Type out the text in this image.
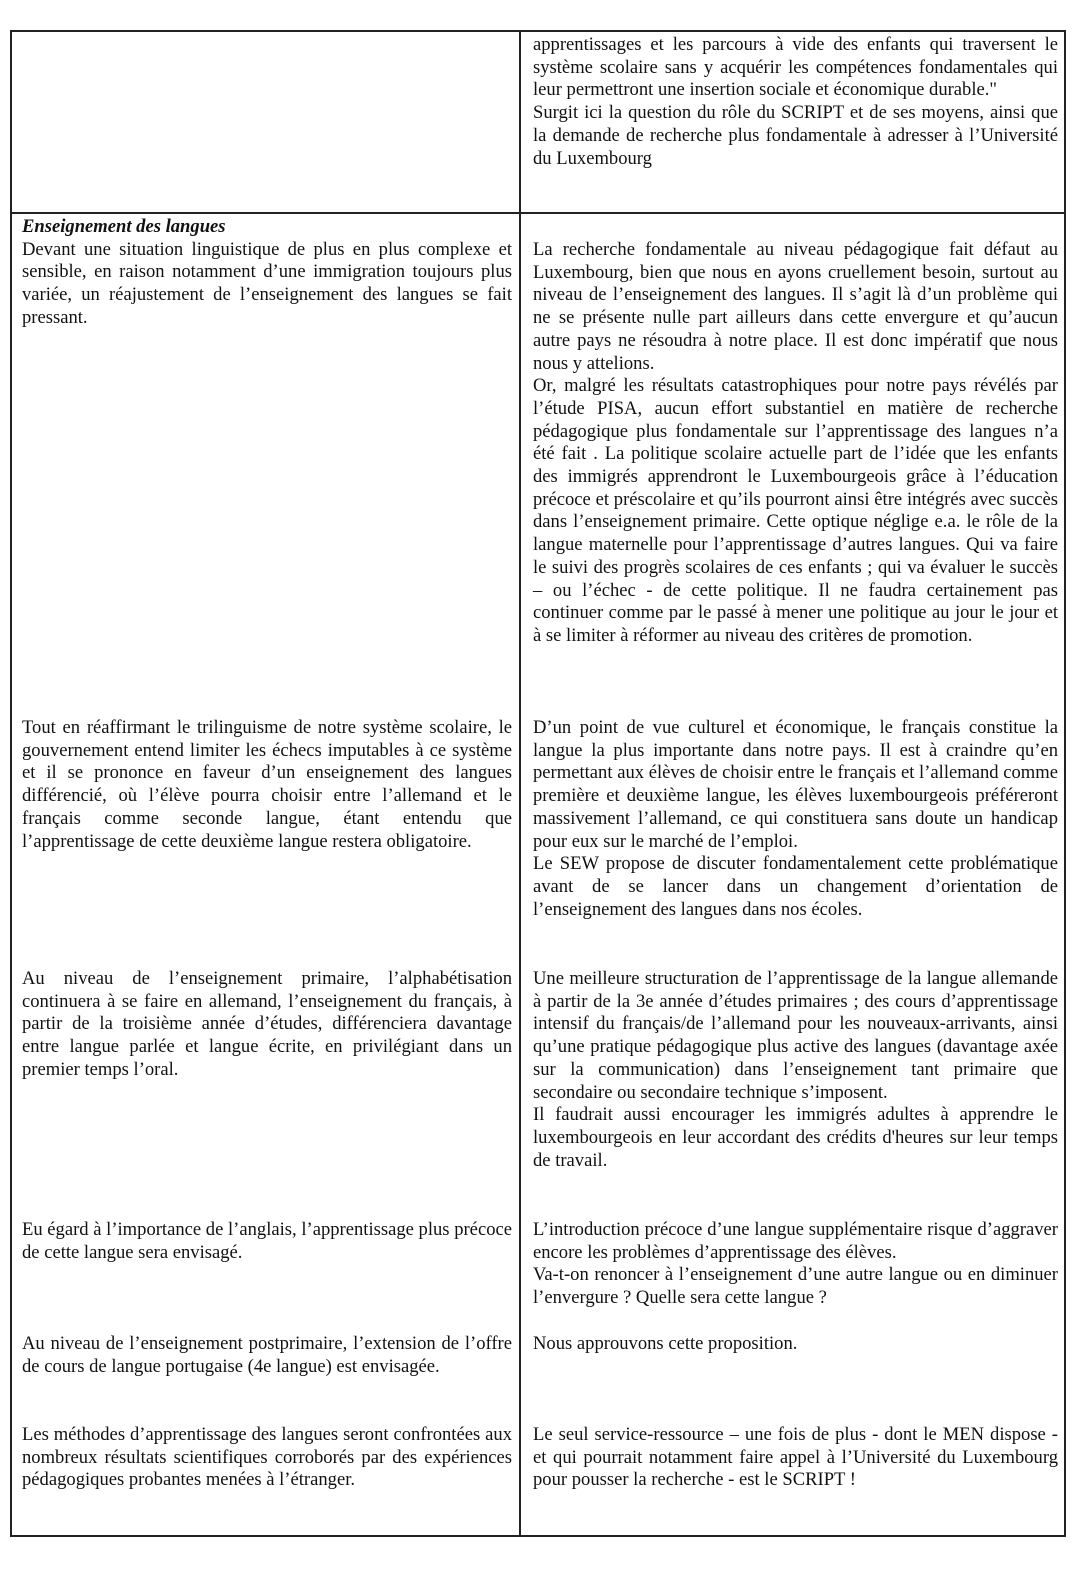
apprentissages et les parcours à vide des enfants qui traversent le système scolaire sans y acquérir les compétences fondamentales qui leur permettront une insertion sociale et économique durable."

Surgit ici la question du rôle du SCRIPT et de ses moyens, ainsi que la demande de recherche plus fondamentale à adresser à l’Université du Luxembourg

Enseignement des langues

Devant une situation linguistique de plus en plus complexe et sensible, en raison notamment d’une immigration toujours plus variée, un réajustement de l’enseignement des langues se fait pressant.

Tout en réaffirmant le trilinguisme de notre système scolaire, le gouvernement entend limiter les échecs imputables à ce système et il se prononce en faveur d’un enseignement des langues différencié, où l’élève pourra choisir entre l’allemand et le français comme seconde langue, étant entendu que l’apprentissage de cette deuxième langue restera obligatoire.

Au niveau de l’enseignement primaire, l’alphabétisation continuera à se faire en allemand, l’enseignement du français, à partir de la troisième année d’études, différenciera davantage entre langue parlée et langue écrite, en privilégiant dans un premier temps l’oral.

Eu égard à l’importance de l’anglais, l’apprentissage plus précoce de cette langue sera envisagé.

Au niveau de l’enseignement postprimaire, l’extension de l’offre de cours de langue portugaise (4e langue) est envisagée.

Les méthodes d’apprentissage des langues seront confrontées aux nombreux résultats scientifiques corroborés par des expériences pédagogiques probantes menées à l’étranger.

La recherche fondamentale au niveau pédagogique fait défaut au Luxembourg, bien que nous en ayons cruellement besoin, surtout au niveau de l’enseignement des langues. Il s’agit là d’un problème qui ne se présente nulle part ailleurs dans cette envergure et qu’aucun autre pays ne résoudra à notre place. Il est donc impératif que nous nous y attelions.

Or, malgré les résultats catastrophiques pour notre pays révélés par l’étude PISA, aucun effort substantiel en matière de recherche pédagogique plus fondamentale sur l’apprentissage des langues n’a été fait . La politique scolaire actuelle part de l’idée que les enfants des immigrés apprendront le Luxembourgeois grâce à l’éducation précoce et préscolaire et qu’ils pourront ainsi être intégrés avec succès dans l’enseignement primaire. Cette optique néglige e.a. le rôle de la langue maternelle pour l’apprentissage d’autres langues. Qui va faire le suivi des progrès scolaires de ces enfants ; qui va évaluer le succès – ou l’échec - de cette politique. Il ne faudra certainement pas continuer comme par le passé à mener une politique au jour le jour et à se limiter à réformer au niveau des critères de promotion.

D’un point de vue culturel et économique, le français constitue la langue la plus importante dans notre pays. Il est à craindre qu’en permettant aux élèves de choisir entre le français et l’allemand comme première et deuxième langue, les élèves luxembourgeois préféreront massivement l’allemand, ce qui constituera sans doute un handicap pour eux sur le marché de l’emploi.

Le SEW propose de discuter fondamentalement cette problématique avant de se lancer dans un changement d’orientation de l’enseignement des langues dans nos écoles.

Une meilleure structuration de l’apprentissage de la langue allemande à partir de la 3e année d’études primaires ; des cours d’apprentissage intensif du français/de l’allemand pour les nouveaux-arrivants, ainsi qu’une pratique pédagogique plus active des langues (davantage axée sur la communication) dans l’enseignement tant primaire que secondaire ou secondaire technique s’imposent.

Il faudrait aussi encourager les immigrés adultes à apprendre le luxembourgeois en leur accordant des crédits d'heures sur leur temps de travail.

L’introduction précoce d’une langue supplémentaire risque d’aggraver encore les problèmes d’apprentissage des élèves.

Va-t-on renoncer à l’enseignement d’une autre langue ou en diminuer l’envergure ? Quelle sera cette langue ?

Nous approuvons cette proposition.

Le seul service-ressource – une fois de plus - dont le MEN dispose - et qui pourrait notamment faire appel à l’Université du Luxembourg pour pousser la recherche - est le SCRIPT !
